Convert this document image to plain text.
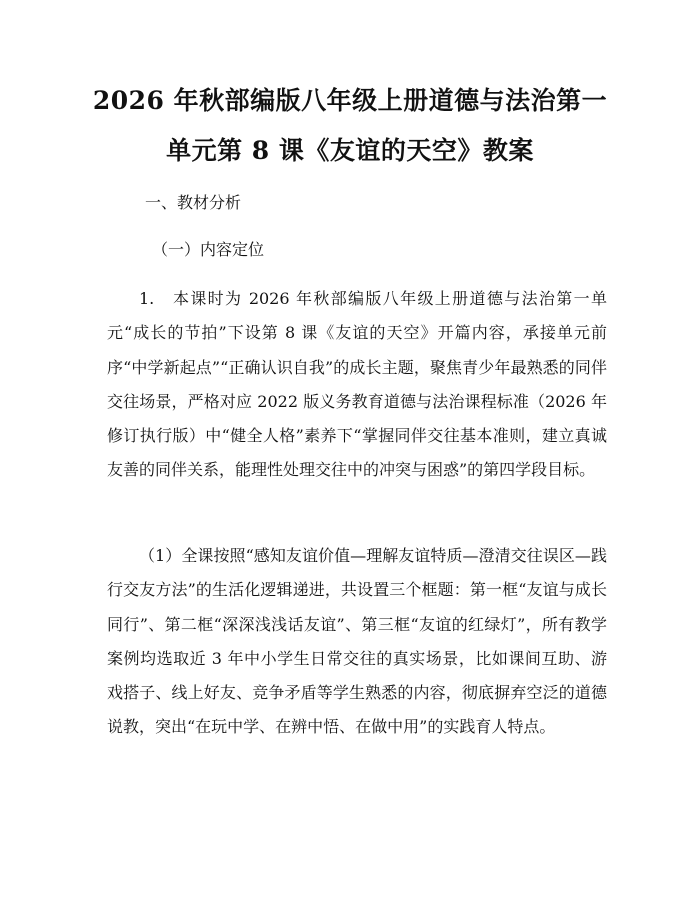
2026 年秋部编版八年级上册道德与法治第一
单元第 8 课《友谊的天空》教案

一、教材分析

（一）内容定位

1.　本课时为 2026 年秋部编版八年级上册道德与法治第一单元“成长的节拍”下设第 8 课《友谊的天空》开篇内容，承接单元前序“中学新起点”“正确认识自我”的成长主题，聚焦青少年最熟悉的同伴交往场景，严格对应 2022 版义务教育道德与法治课程标准（2026 年修订执行版）中“健全人格”素养下“掌握同伴交往基本准则，建立真诚友善的同伴关系，能理性处理交往中的冲突与困惑”的第四学段目标。

（1）全课按照“感知友谊价值—理解友谊特质—澄清交往误区—践行交友方法”的生活化逻辑递进，共设置三个框题：第一框“友谊与成长同行”、第二框“深深浅浅话友谊”、第三框“友谊的红绿灯”，所有教学案例均选取近 3 年中小学生日常交往的真实场景，比如课间互助、游戏搭子、线上好友、竞争矛盾等学生熟悉的内容，彻底摒弃空泛的道德说教，突出“在玩中学、在辨中悟、在做中用”的实践育人特点。
